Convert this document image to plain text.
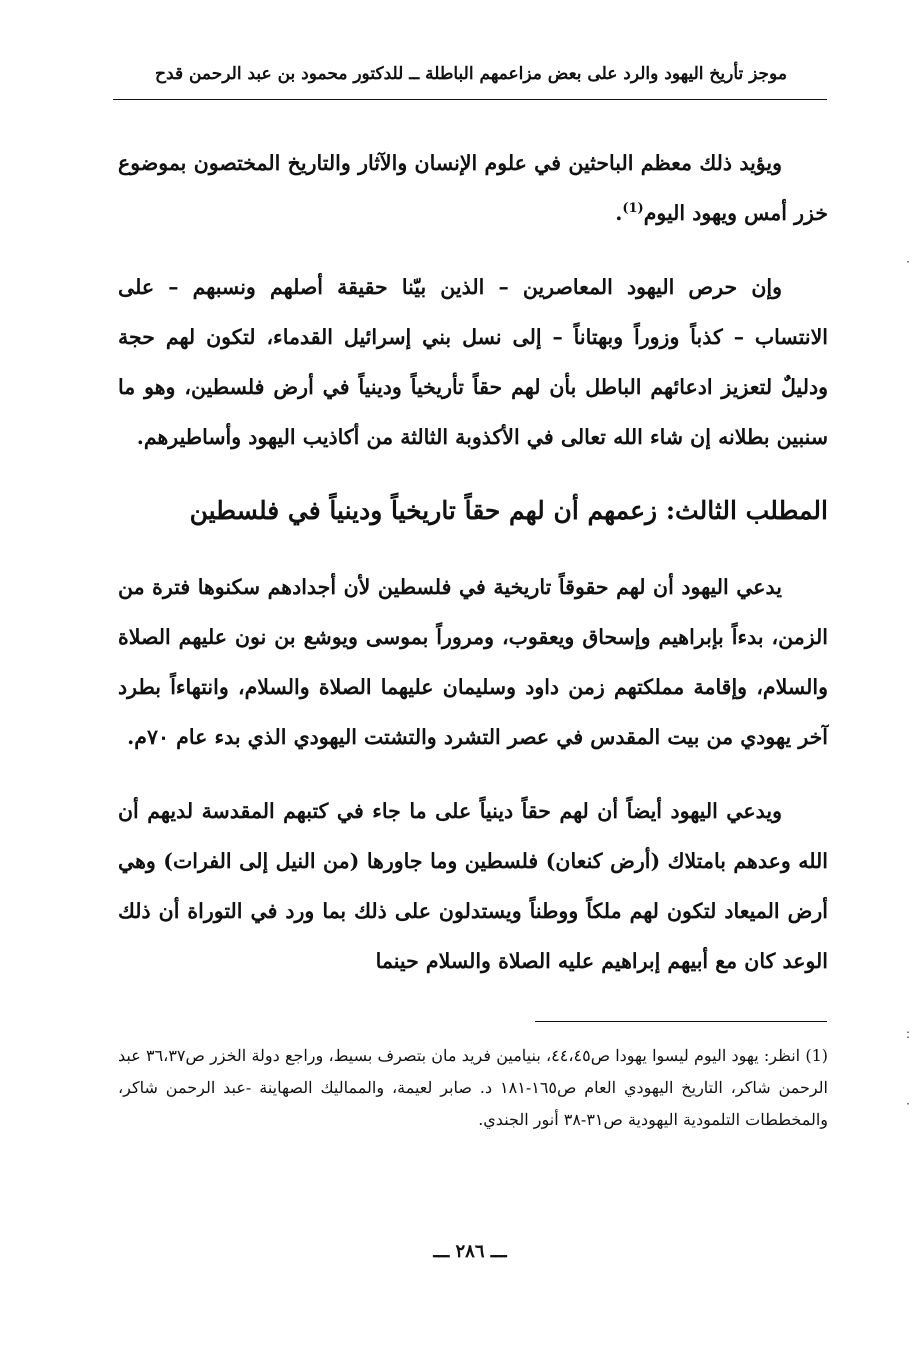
موجز تأريخ اليهود والرد على بعض مزاعمهم الباطلة ــ للدكتور محمود بن عبد الرحمن قدح

ويؤيد ذلك معظم الباحثين في علوم الإنسان والآثار والتاريخ المختصون بموضوع خزر أمس ويهود اليوم$^{(1)}$.

وإن حرص اليهود المعاصرين – الذين بيّنا حقيقة أصلهم ونسبهم – على الانتساب – كذباً وزوراً وبهتاناً – إلى نسل بني إسرائيل القدماء، لتكون لهم حجة ودليلٌ لتعزيز ادعائهم الباطل بأن لهم حقاً تأريخياً ودينياً في أرض فلسطين، وهو ما سنبين بطلانه إن شاء الله تعالى في الأكذوبة الثالثة من أكاذيب اليهود وأساطيرهم.

المطلب الثالث: زعمهم أن لهم حقاً تاريخياً ودينياً في فلسطين

يدعي اليهود أن لهم حقوقاً تاريخية في فلسطين لأن أجدادهم سكنوها فترة من الزمن، بدءاً بإبراهيم وإسحاق ويعقوب، ومروراً بموسى ويوشع بن نون عليهم الصلاة والسلام، وإقامة مملكتهم زمن داود وسليمان عليهما الصلاة والسلام، وانتهاءاً بطرد آخر يهودي من بيت المقدس في عصر التشرد والتشتت اليهودي الذي بدء عام ٧٠م.

ويدعي اليهود أيضاً أن لهم حقاً دينياً على ما جاء في كتبهم المقدسة لديهم أن الله وعدهم بامتلاك (أرض كنعان) فلسطين وما جاورها (من النيل إلى الفرات) وهي أرض الميعاد لتكون لهم ملكاً ووطناً ويستدلون على ذلك بما ورد في التوراة أن ذلك الوعد كان مع أبيهم إبراهيم عليه الصلاة والسلام حينما

(1) انظر: يهود اليوم ليسوا يهودا ص٤٤،٤٥، بنيامين فريد مان بتصرف بسيط، وراجع دولة الخزر ص٣٦،٣٧ عبد الرحمن شاكر، التاريخ اليهودي العام ص١٦٥-١٨١ د. صابر لعيمة، والمماليك الصهاينة -عبد الرحمن شاكر، والمخططات التلمودية اليهودية ص٣١-٣٨ أنور الجندي.

ـــ ٢٨٦ ـــ
·
:
·
